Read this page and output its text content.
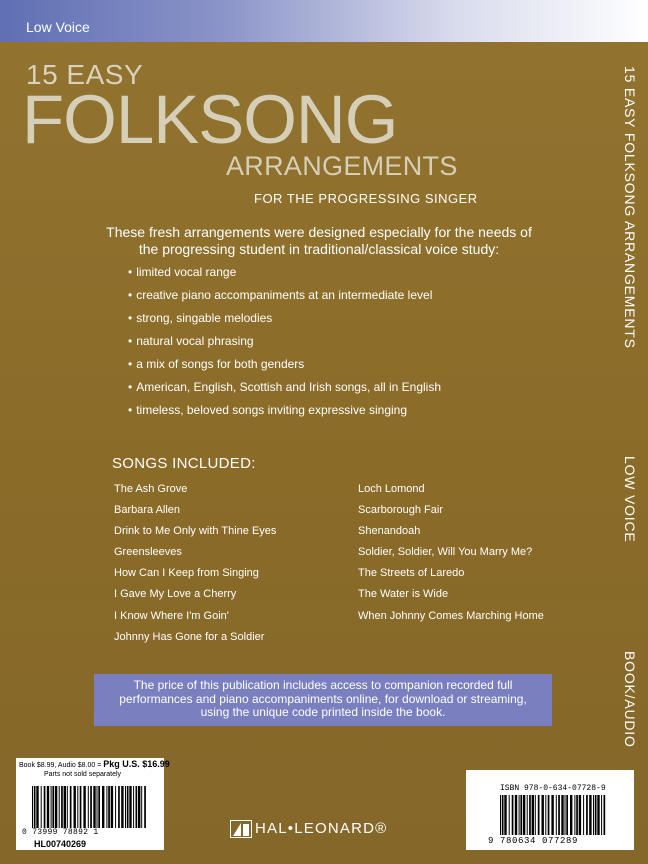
Low Voice
15 EASY
FOLKSONG
ARRANGEMENTS
FOR THE PROGRESSING SINGER
These fresh arrangements were designed especially for the needs of the progressing student in traditional/classical voice study:
• limited vocal range
• creative piano accompaniments at an intermediate level
• strong, singable melodies
• natural vocal phrasing
• a mix of songs for both genders
• American, English, Scottish and Irish songs, all in English
• timeless, beloved songs inviting expressive singing
SONGS INCLUDED:
The Ash Grove
Barbara Allen
Drink to Me Only with Thine Eyes
Greensleeves
How Can I Keep from Singing
I Gave My Love a Cherry
I Know Where I'm Goin'
Johnny Has Gone for a Soldier
Loch Lomond
Scarborough Fair
Shenandoah
Soldier, Soldier, Will You Marry Me?
The Streets of Laredo
The Water is Wide
When Johnny Comes Marching Home
15 EASY FOLKSONG ARRANGEMENTS
LOW VOICE
BOOK/AUDIO
The price of this publication includes access to companion recorded full performances and piano accompaniments online, for download or streaming, using the unique code printed inside the book.
Book $8.99, Audio $8.00 = Pkg U.S. $16.99
Parts not sold separately
0 73999 78892 1
HL00740269
HAL•LEONARD®
ISBN 978-0-634-07728-9
9 780634 077289
